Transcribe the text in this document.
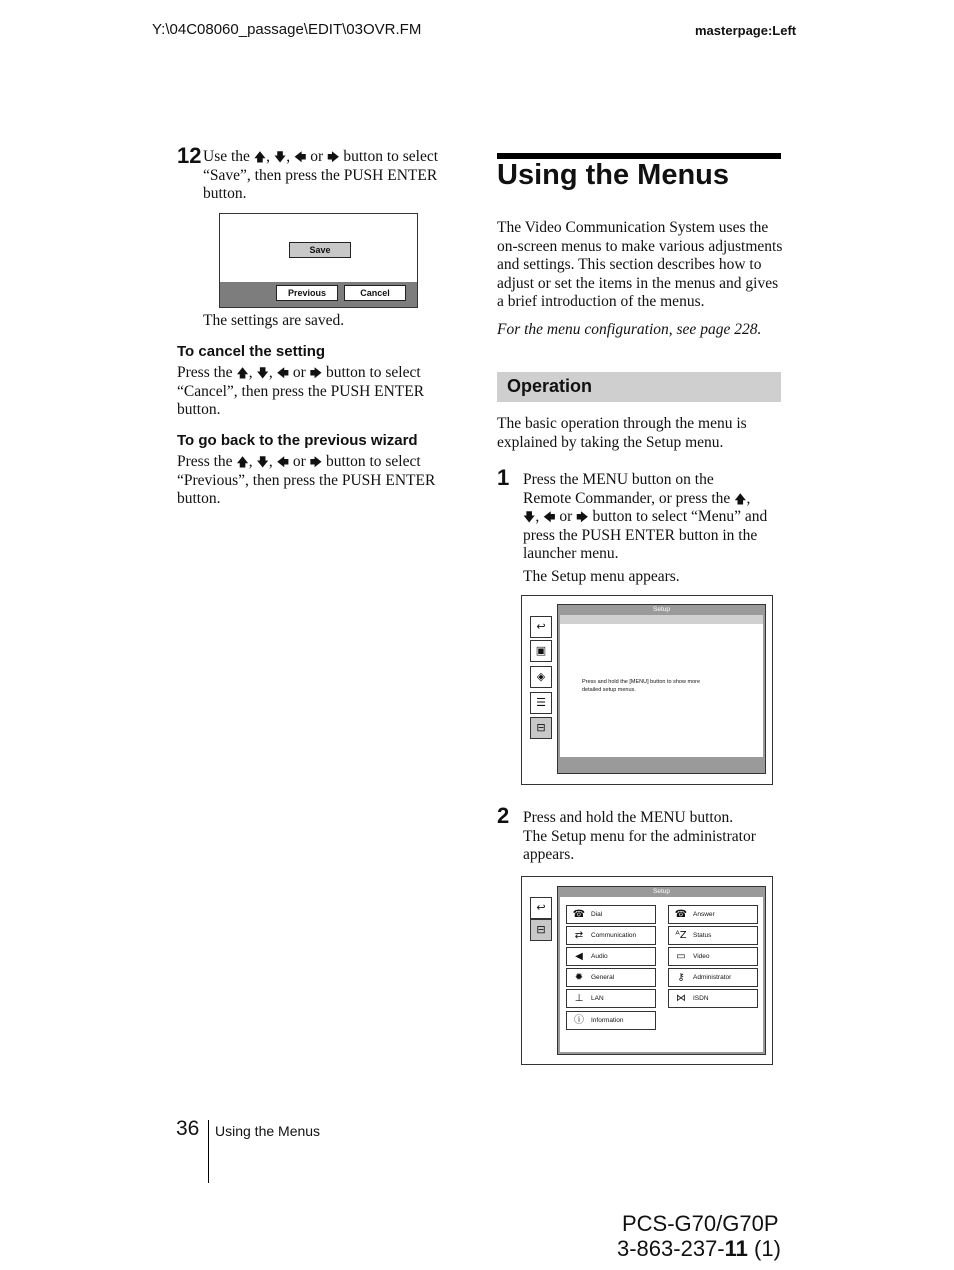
Y:\04C08060_passage\EDIT\03OVR.FM	masterpage:Left
12 Use the 🡅, 🡇, 🡄 or 🡆 button to select
“Save”, then press the PUSH ENTER
button.
Save
Previous	Cancel
The settings are saved.
To cancel the setting
Press the 🡅, 🡇, 🡄 or 🡆 button to select
“Cancel”, then press the PUSH ENTER
button.
To go back to the previous wizard
Press the 🡅, 🡇, 🡄 or 🡆 button to select
“Previous”, then press the PUSH ENTER
button.
Using the Menus
The Video Communication System uses the
on-screen menus to make various adjustments
and settings. This section describes how to
adjust or set the items in the menus and gives
a brief introduction of the menus.
For the menu configuration, see page 228.
Operation
The basic operation through the menu is
explained by taking the Setup menu.
1 Press the MENU button on the
Remote Commander, or press the 🡅,
🡇, 🡄 or 🡆 button to select “Menu” and
press the PUSH ENTER button in the
launcher menu.
The Setup menu appears.
↩
▣
◈
☰
⊟
Setup
Press and hold the [MENU] button to show more
detailed setup menus.
2 Press and hold the MENU button.
The Setup menu for the administrator
appears.
↩
⊟
Setup
☎ Dial	☎ Answer
⇄	Communication	ᴬZ Status
◀	Audio	▭	Video
✹	General	⚷	Administrator
⊥	LAN	⋈	ISDN
ⓘ	Information
36 Using the Menus
PCS-G70/G70P
3-863-237-11 (1)
